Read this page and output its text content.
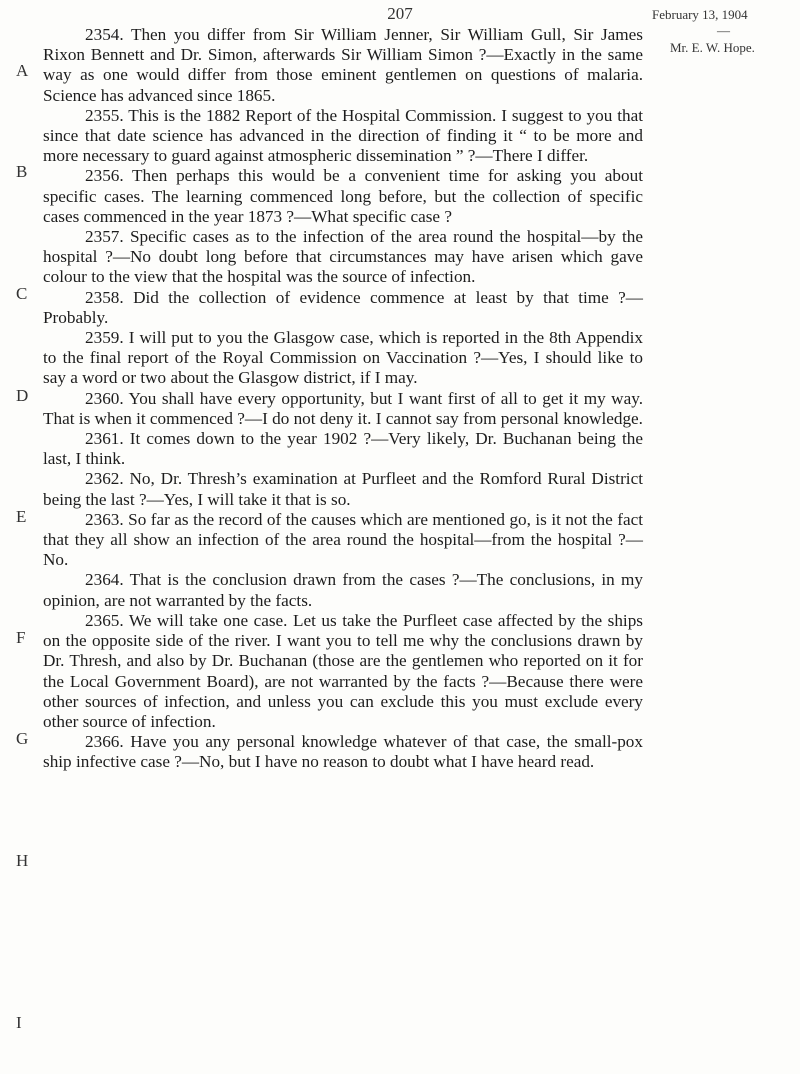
207	February 13, 1904
—
Mr. E. W. Hope.
A
B
C
D
E
F
G
H
I

2354. Then you differ from Sir William Jenner, Sir William Gull, Sir James Rixon Bennett and Dr. Simon, afterwards Sir William Simon ?—Exactly in the same way as one would differ from those eminent gentlemen on questions of malaria. Science has advanced since 1865.

2355. This is the 1882 Report of the Hospital Commission. I suggest to you that since that date science has advanced in the direction of finding it “ to be more and more necessary to guard against atmospheric dissemination ” ?—There I differ.

2356. Then perhaps this would be a convenient time for asking you about specific cases. The learning commenced long before, but the collection of specific cases commenced in the year 1873 ?—What specific case ?

2357. Specific cases as to the infection of the area round the hospital—by the hospital ?—No doubt long before that circumstances may have arisen which gave colour to the view that the hospital was the source of infection.

2358. Did the collection of evidence commence at least by that time ?—Probably.

2359. I will put to you the Glasgow case, which is reported in the 8th Appendix to the final report of the Royal Commission on Vaccination ?—Yes, I should like to say a word or two about the Glasgow district, if I may.

2360. You shall have every opportunity, but I want first of all to get it my way. That is when it commenced ?—I do not deny it. I cannot say from personal knowledge.

2361. It comes down to the year 1902 ?—Very likely, Dr. Buchanan being the last, I think.

2362. No, Dr. Thresh’s examination at Purfleet and the Romford Rural District being the last ?—Yes, I will take it that is so.

2363. So far as the record of the causes which are mentioned go, is it not the fact that they all show an infection of the area round the hospital—from the hospital ?—No.

2364. That is the conclusion drawn from the cases ?—The conclusions, in my opinion, are not warranted by the facts.

2365. We will take one case. Let us take the Purfleet case affected by the ships on the opposite side of the river. I want you to tell me why the conclusions drawn by Dr. Thresh, and also by Dr. Buchanan (those are the gentlemen who reported on it for the Local Government Board), are not warranted by the facts ?—Because there were other sources of infection, and unless you can exclude this you must exclude every other source of infection.

2366. Have you any personal knowledge whatever of that case, the small-pox ship infective case ?—No, but I have no reason to doubt what I have heard read.
